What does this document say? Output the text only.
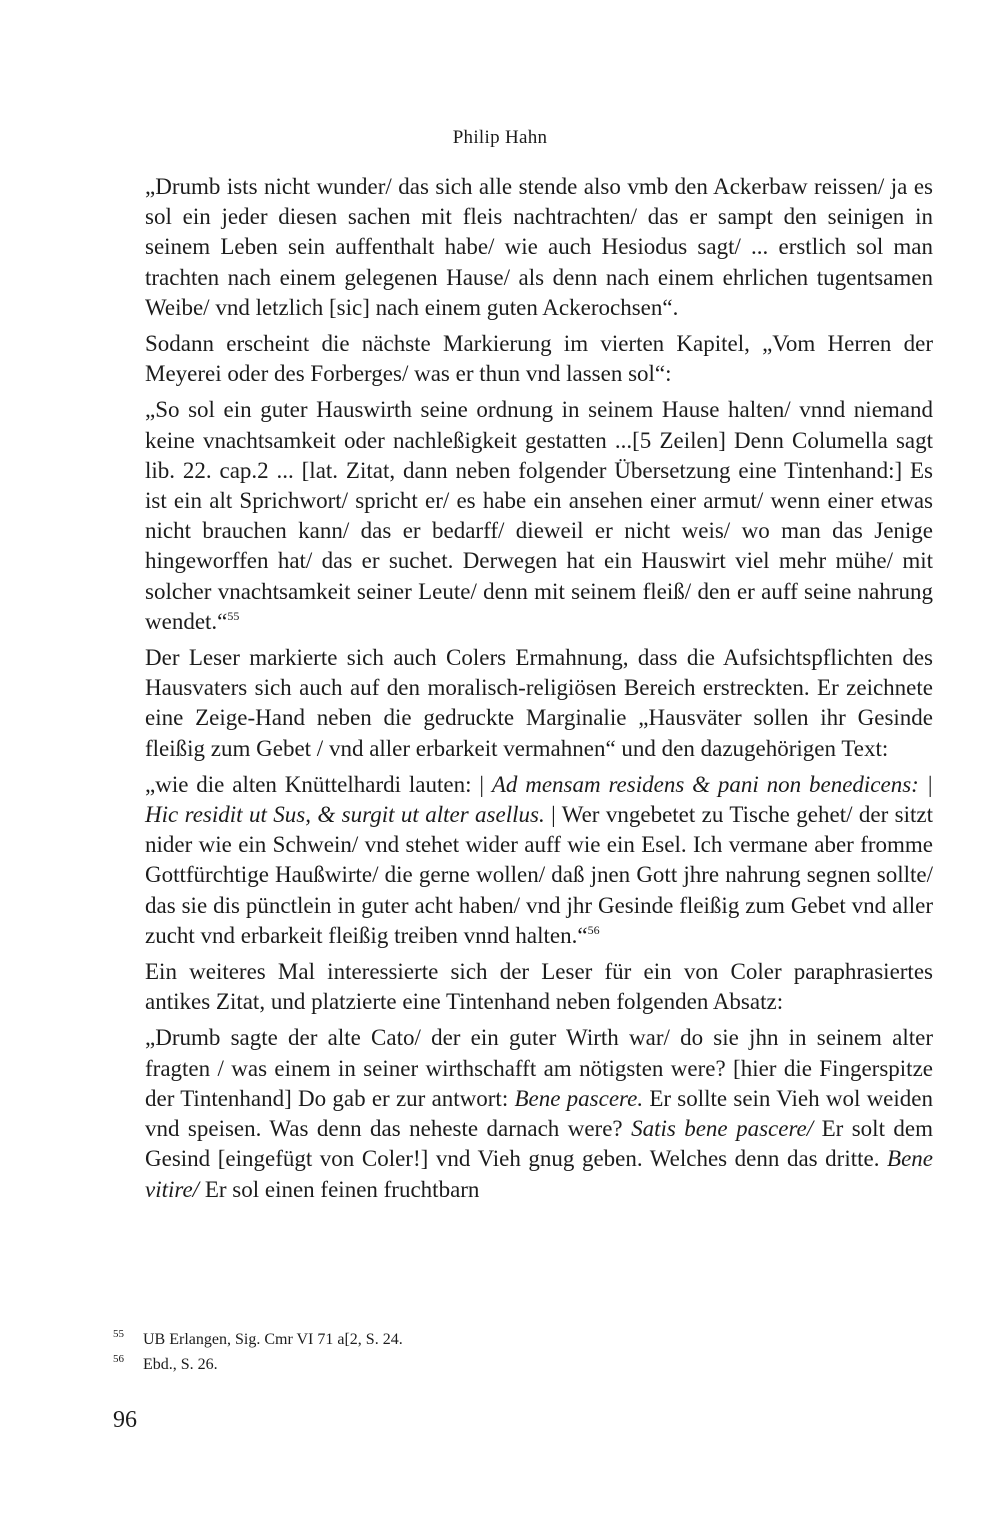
Philip Hahn

„Drumb ists nicht wunder/ das sich alle stende also vmb den Ackerbaw reissen/ ja es sol ein jeder diesen sachen mit fleis nachtrachten/ das er sampt den seinigen in seinem Leben sein auffenthalt habe/ wie auch Hesiodus sagt/ ... erstlich sol man trachten nach einem gelegenen Hause/ als denn nach einem ehrlichen tugentsamen Weibe/ vnd letzlich [sic] nach einem guten Ackerochsen“.

Sodann erscheint die nächste Markierung im vierten Kapitel, „Vom Herren der Meyerei oder des Forberges/ was er thun vnd lassen sol“:

„So sol ein guter Hauswirth seine ordnung in seinem Hause halten/ vnnd niemand keine vnachtsamkeit oder nachleßigkeit gestatten ...[5 Zeilen] Denn Columella sagt lib. 22. cap.2 ... [lat. Zitat, dann neben folgender Übersetzung eine Tintenhand:] Es ist ein alt Sprichwort/ spricht er/ es habe ein ansehen einer armut/ wenn einer etwas nicht brauchen kann/ das er bedarff/ dieweil er nicht weis/ wo man das Jenige hingeworffen hat/ das er suchet. Derwegen hat ein Hauswirt viel mehr mühe/ mit solcher vnachtsamkeit seiner Leute/ denn mit seinem fleiß/ den er auff seine nahrung wendet.“$^{55}$

Der Leser markierte sich auch Colers Ermahnung, dass die Aufsichtspflichten des Hausvaters sich auch auf den moralisch-religiösen Bereich erstreckten. Er zeichnete eine Zeige-Hand neben die gedruckte Marginalie „Hausväter sollen ihr Gesinde fleißig zum Gebet / vnd aller erbarkeit vermahnen“ und den dazugehörigen Text:

„wie die alten Knüttelhardi lauten: | Ad mensam residens & pani non benedicens: | Hic residit ut Sus, & surgit ut alter asellus. | Wer vngebetet zu Tische gehet/ der sitzt nider wie ein Schwein/ vnd stehet wider auff wie ein Esel. Ich vermane aber fromme Gottfürchtige Haußwirte/ die gerne wollen/ daß jnen Gott jhre nahrung segnen sollte/ das sie dis pünctlein in guter acht haben/ vnd jhr Gesinde fleißig zum Gebet vnd aller zucht vnd erbarkeit fleißig treiben vnnd halten.“$^{56}$

Ein weiteres Mal interessierte sich der Leser für ein von Coler paraphrasiertes antikes Zitat, und platzierte eine Tintenhand neben folgenden Absatz:

„Drumb sagte der alte Cato/ der ein guter Wirth war/ do sie jhn in seinem alter fragten / was einem in seiner wirthschafft am nötigsten were? [hier die Fingerspitze der Tintenhand] Do gab er zur antwort: Bene pascere. Er sollte sein Vieh wol weiden vnd speisen. Was denn das neheste darnach were? Satis bene pascere/ Er solt dem Gesind [eingefügt von Coler!] vnd Vieh gnug geben. Welches denn das dritte. Bene vitire/ Er sol einen feinen fruchtbarn

55	UB Erlangen, Sig. Cmr VI 71 a[2, S. 24.
56	Ebd., S. 26.
96
